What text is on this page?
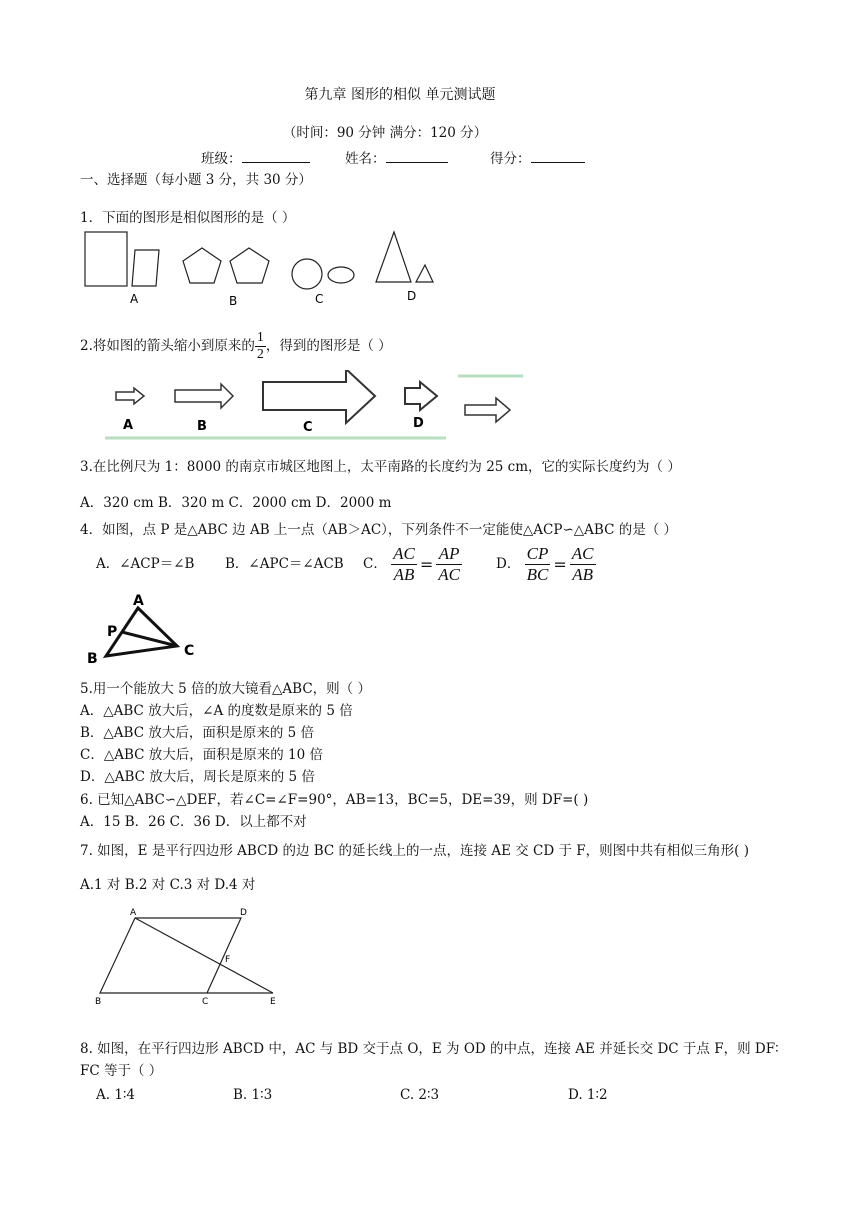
第九章 图形的相似 单元测试题
（时间：90 分钟 满分：120 分）
班级：	姓名：	得分：
一、选择题（每小题 3 分，共 30 分）
1．下面的图形是相似图形的是（ ）
A	B	C	D
2.将如图的箭头缩小到原来的 $\frac{1}{2}$ ，得到的图形是（ ）
A	B	C	D
3.在比例尺为 1：8000 的南京市城区地图上，太平南路的长度约为 25 cm，它的实际长度约为（ ）
A．320 cm B．320 m C．2000 cm D．2000 m
4．如图，点 P 是△ABC 边 AB 上一点（AB＞AC），下列条件不一定能使△ACP∽△ABC 的是（ ）
A．∠ACP＝∠B B．∠APC＝∠ACB C． $\frac{AC}{AB} = \frac{AP}{AC}$	D． $\frac{CP}{BC} = \frac{AC}{AB}$
A
P
B	C
5.用一个能放大 5 倍的放大镜看△ABC，则（ ）
A．△ABC 放大后，∠A 的度数是原来的 5 倍
B．△ABC 放大后，面积是原来的 5 倍
C．△ABC 放大后，面积是原来的 10 倍
D．△ABC 放大后，周长是原来的 5 倍
6. 已知△ABC∽△DEF，若∠C=∠F=90°，AB=13，BC=5，DE=39，则 DF=( )
A．15 B．26 C．36 D．以上都不对
7. 如图，E 是平行四边形 ABCD 的边 BC 的延长线上的一点，连接 AE 交 CD 于 F，则图中共有相似三角形( )
A.1 对 B.2 对 C.3 对 D.4 对
A	D
F
B	C	E
8. 如图，在平行四边形 ABCD 中，AC 与 BD 交于点 O，E 为 OD 的中点，连接 AE 并延长交 DC 于点 F，则 DF∶
FC 等于（ ）
A. 1∶4	B. 1∶3	C. 2∶3	D. 1∶2
